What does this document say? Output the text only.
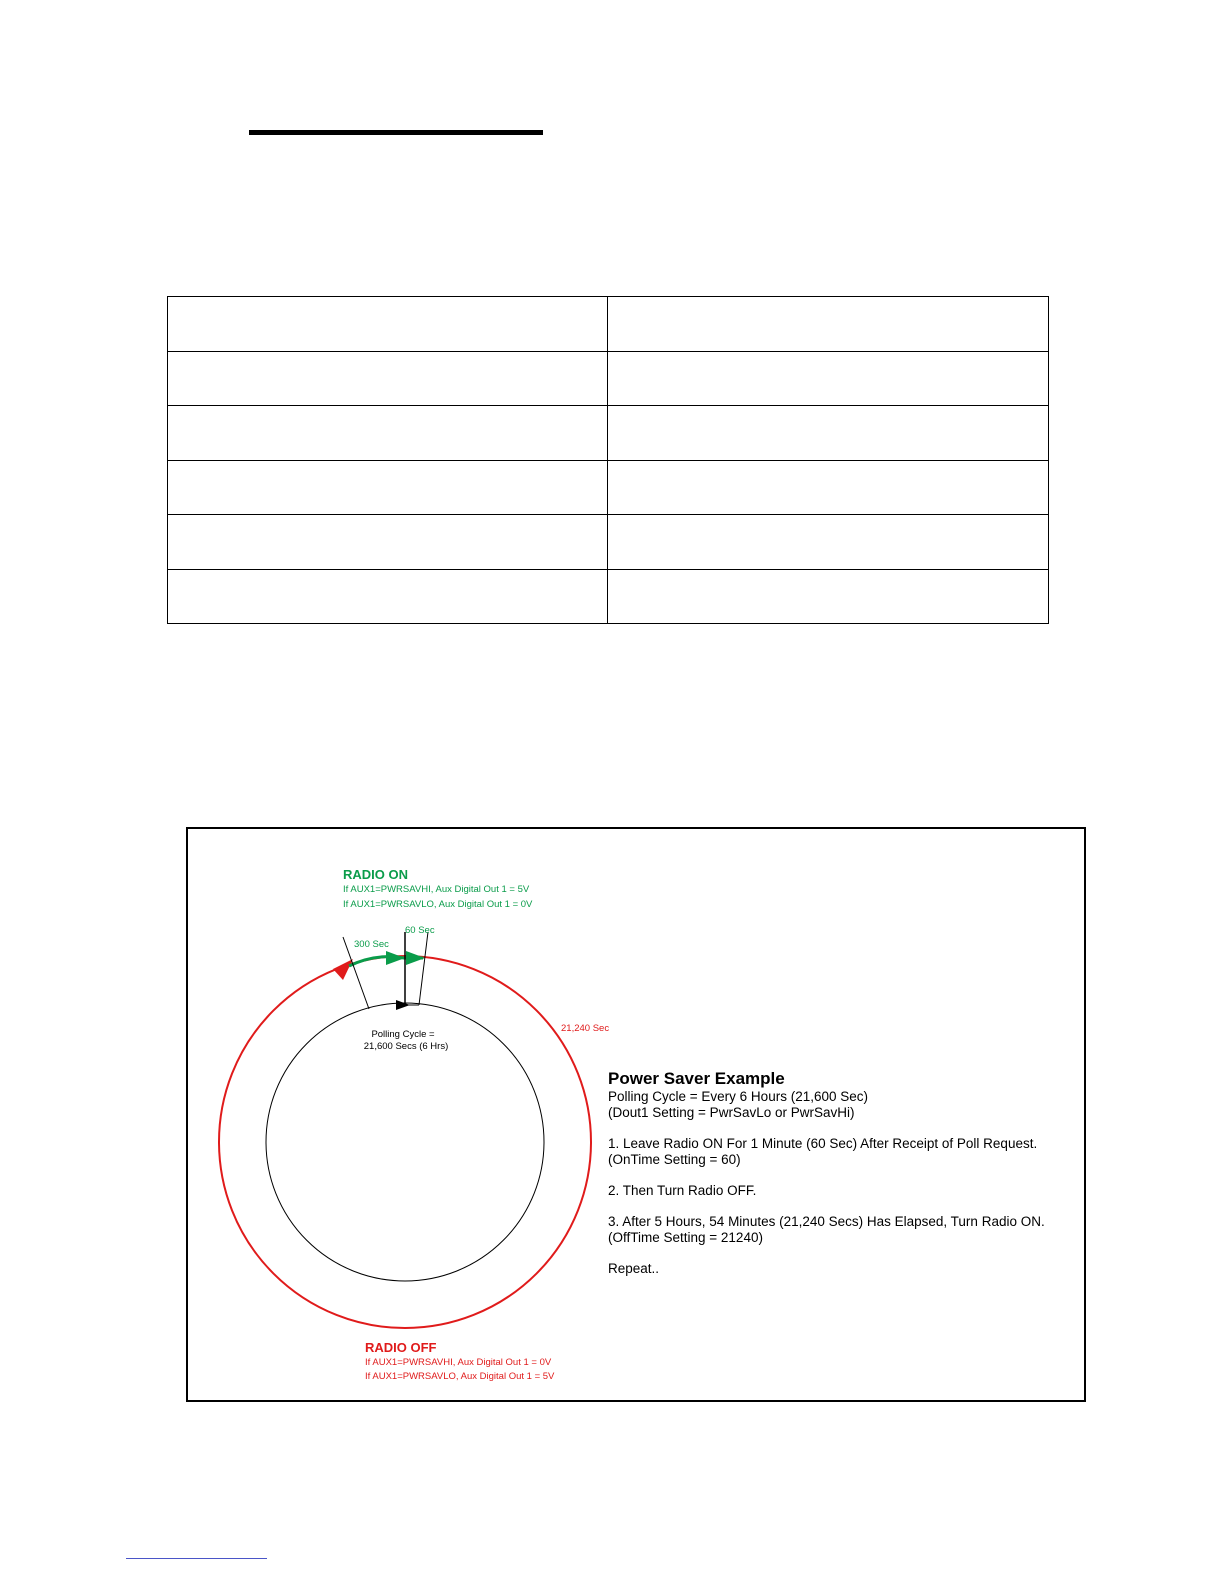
RADIO ON
If AUX1=PWRSAVHI, Aux Digital Out 1 = 5V
If AUX1=PWRSAVLO, Aux Digital Out 1 = 0V
60 Sec
300 Sec
21,240 Sec
Polling Cycle =
21,600 Secs (6 Hrs)
RADIO OFF
If AUX1=PWRSAVHI, Aux Digital Out 1 = 0V
If AUX1=PWRSAVLO, Aux Digital Out 1 = 5V
Power Saver Example
Polling Cycle = Every 6 Hours (21,600 Sec)
(Dout1 Setting = PwrSavLo or PwrSavHi)
1. Leave Radio ON For 1 Minute (60 Sec) After Receipt of Poll Request.
(OnTime Setting = 60)
2. Then Turn Radio OFF.
3. After 5 Hours, 54 Minutes (21,240 Secs) Has Elapsed, Turn Radio ON.
(OffTime Setting = 21240)
Repeat..
